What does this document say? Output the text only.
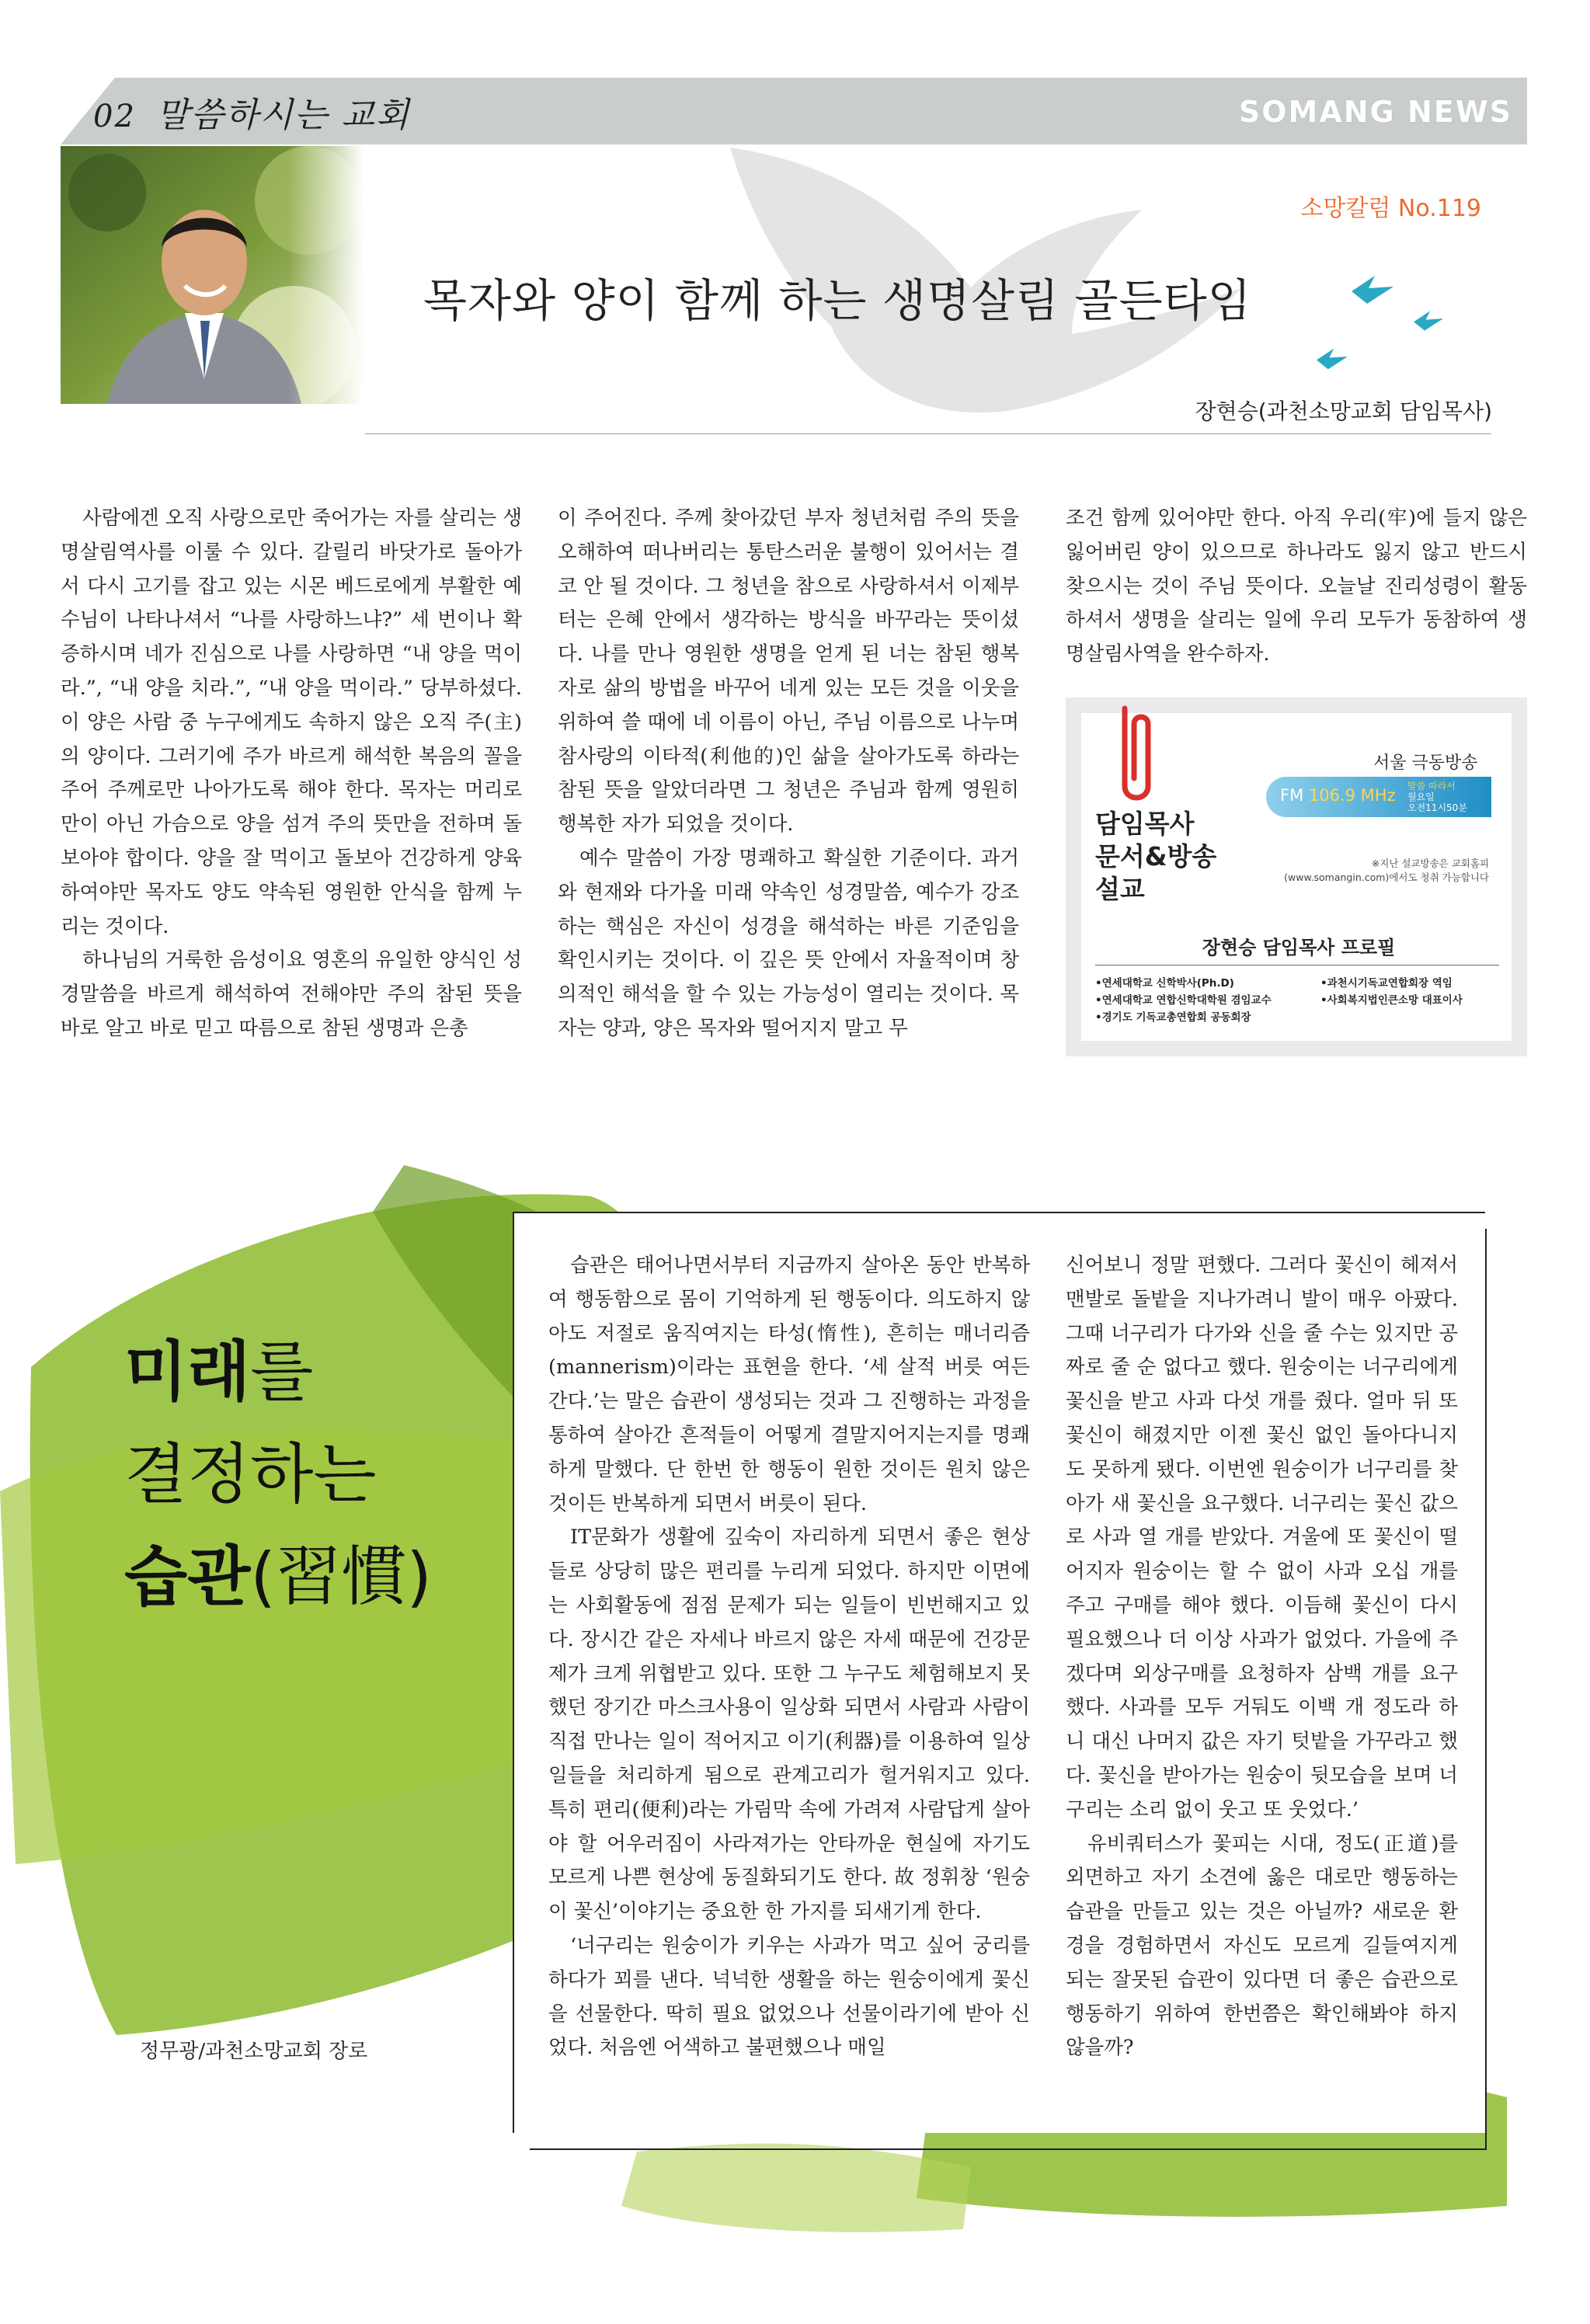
02 말씀하시는 교회	SOMANG NEWS
소망칼럼 No.119
목자와 양이 함께 하는 생명살림 골든타임
장현승(과천소망교회 담임목사)

사람에겐 오직 사랑으로만 죽어가는 자를 살리는 생명살림역사를 이룰 수 있다. 갈릴리 바닷가로 돌아가서 다시 고기를 잡고 있는 시몬 베드로에게 부활한 예수님이 나타나셔서 “나를 사랑하느냐?” 세 번이나 확증하시며 네가 진심으로 나를 사랑하면 “내 양을 먹이라.”, “내 양을 치라.”, “내 양을 먹이라.” 당부하셨다. 이 양은 사람 중 누구에게도 속하지 않은 오직 주(主)의 양이다. 그러기에 주가 바르게 해석한 복음의 꼴을 주어 주께로만 나아가도록 해야 한다. 목자는 머리로만이 아닌 가슴으로 양을 섬겨 주의 뜻만을 전하며 돌보아야 합이다. 양을 잘 먹이고 돌보아 건강하게 양육하여야만 목자도 양도 약속된 영원한 안식을 함께 누리는 것이다.

하나님의 거룩한 음성이요 영혼의 유일한 양식인 성경말씀을 바르게 해석하여 전해야만 주의 참된 뜻을 바로 알고 바로 믿고 따름으로 참된 생명과 은총

이 주어진다. 주께 찾아갔던 부자 청년처럼 주의 뜻을 오해하여 떠나버리는 통탄스러운 불행이 있어서는 결코 안 될 것이다. 그 청년을 참으로 사랑하셔서 이제부터는 은혜 안에서 생각하는 방식을 바꾸라는 뜻이셨다. 나를 만나 영원한 생명을 얻게 된 너는 참된 행복자로 삶의 방법을 바꾸어 네게 있는 모든 것을 이웃을 위하여 쓸 때에 네 이름이 아닌, 주님 이름으로 나누며 참사랑의 이타적(利他的)인 삶을 살아가도록 하라는 참된 뜻을 알았더라면 그 청년은 주님과 함께 영원히 행복한 자가 되었을 것이다.

예수 말씀이 가장 명쾌하고 확실한 기준이다. 과거와 현재와 다가올 미래 약속인 성경말씀, 예수가 강조하는 핵심은 자신이 성경을 해석하는 바른 기준임을 확인시키는 것이다. 이 깊은 뜻 안에서 자율적이며 창의적인 해석을 할 수 있는 가능성이 열리는 것이다. 목자는 양과, 양은 목자와 떨어지지 말고 무

조건 함께 있어야만 한다. 아직 우리(牢)에 들지 않은 잃어버린 양이 있으므로 하나라도 잃지 않고 반드시 찾으시는 것이 주님 뜻이다. 오늘날 진리성령이 활동하셔서 생명을 살리는 일에 우리 모두가 동참하여 생명살림사역을 완수하자.

담임목사
문서&방송
설교
서울 극동방송
FM 106.9 MHz 말씀 따라서
월요일
오전11시50분
※지난 설교방송은 교회홈피
(www.somangin.com)에서도 청취 가능합니다
장현승 담임목사 프로필
•연세대학교 신학박사(Ph.D)
•연세대학교 연합신학대학원 겸임교수
•경기도 기독교총연합회 공동회장
•과천시기독교연합회장 역임
•사회복지법인큰소망 대표이사
미래를
결정하는
습관(習慣)
정무광/과천소망교회 장로

습관은 태어나면서부터 지금까지 살아온 동안 반복하여 행동함으로 몸이 기억하게 된 행동이다. 의도하지 않아도 저절로 움직여지는 타성(惰性), 흔히는 매너리즘(mannerism)이라는 표현을 한다. ‘세 살적 버릇 여든 간다.’는 말은 습관이 생성되는 것과 그 진행하는 과정을 통하여 살아간 흔적들이 어떻게 결말지어지는지를 명쾌하게 말했다. 단 한번 한 행동이 원한 것이든 원치 않은 것이든 반복하게 되면서 버릇이 된다.

IT문화가 생활에 깊숙이 자리하게 되면서 좋은 현상들로 상당히 많은 편리를 누리게 되었다. 하지만 이면에는 사회활동에 점점 문제가 되는 일들이 빈번해지고 있다. 장시간 같은 자세나 바르지 않은 자세 때문에 건강문제가 크게 위협받고 있다. 또한 그 누구도 체험해보지 못했던 장기간 마스크사용이 일상화 되면서 사람과 사람이 직접 만나는 일이 적어지고 이기(利器)를 이용하여 일상 일들을 처리하게 됨으로 관계고리가 헐거워지고 있다. 특히 편리(便利)라는 가림막 속에 가려져 사람답게 살아야 할 어우러짐이 사라져가는 안타까운 현실에 자기도 모르게 나쁜 현상에 동질화되기도 한다. 故 정휘창 ‘원숭이 꽃신’이야기는 중요한 한 가지를 되새기게 한다.

‘너구리는 원숭이가 키우는 사과가 먹고 싶어 궁리를 하다가 꾀를 낸다. 넉넉한 생활을 하는 원숭이에게 꽃신을 선물한다. 딱히 필요 없었으나 선물이라기에 받아 신었다. 처음엔 어색하고 불편했으나 매일

신어보니 정말 편했다. 그러다 꽃신이 헤져서 맨발로 돌밭을 지나가려니 발이 매우 아팠다. 그때 너구리가 다가와 신을 줄 수는 있지만 공짜로 줄 순 없다고 했다. 원숭이는 너구리에게 꽃신을 받고 사과 다섯 개를 줬다. 얼마 뒤 또 꽃신이 해졌지만 이젠 꽃신 없인 돌아다니지도 못하게 됐다. 이번엔 원숭이가 너구리를 찾아가 새 꽃신을 요구했다. 너구리는 꽃신 값으로 사과 열 개를 받았다. 겨울에 또 꽃신이 떨어지자 원숭이는 할 수 없이 사과 오십 개를 주고 구매를 해야 했다. 이듬해 꽃신이 다시 필요했으나 더 이상 사과가 없었다. 가을에 주겠다며 외상구매를 요청하자 삼백 개를 요구했다. 사과를 모두 거둬도 이백 개 정도라 하니 대신 나머지 값은 자기 텃밭을 가꾸라고 했다. 꽃신을 받아가는 원숭이 뒷모습을 보며 너구리는 소리 없이 웃고 또 웃었다.’

유비쿼터스가 꽃피는 시대, 정도(正道)를 외면하고 자기 소견에 옳은 대로만 행동하는 습관을 만들고 있는 것은 아닐까? 새로운 환경을 경험하면서 자신도 모르게 길들여지게 되는 잘못된 습관이 있다면 더 좋은 습관으로 행동하기 위하여 한번쯤은 확인해봐야 하지 않을까?
